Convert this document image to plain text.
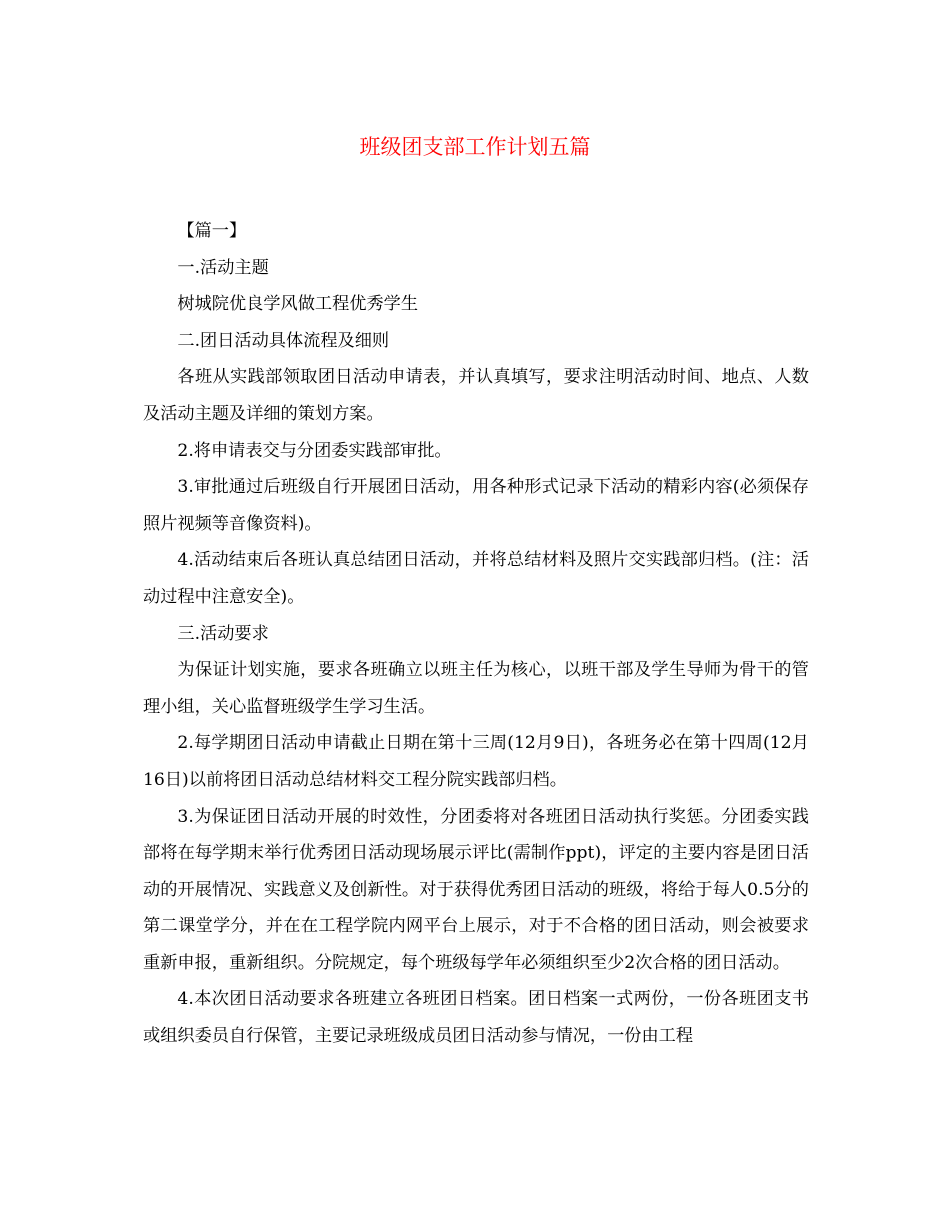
班级团支部工作计划五篇

【篇一】

一.活动主题

树城院优良学风做工程优秀学生

二.团日活动具体流程及细则

各班从实践部领取团日活动申请表，并认真填写，要求注明活动时间、地点、人数及活动主题及详细的策划方案。

2.将申请表交与分团委实践部审批。

3.审批通过后班级自行开展团日活动，用各种形式记录下活动的精彩内容(必须保存照片视频等音像资料)。

4.活动结束后各班认真总结团日活动，并将总结材料及照片交实践部归档。(注：活动过程中注意安全)。

三.活动要求

为保证计划实施，要求各班确立以班主任为核心，以班干部及学生导师为骨干的管理小组，关心监督班级学生学习生活。

2.每学期团日活动申请截止日期在第十三周(12月9日)，各班务必在第十四周(12月16日)以前将团日活动总结材料交工程分院实践部归档。

3.为保证团日活动开展的时效性，分团委将对各班团日活动执行奖惩。分团委实践部将在每学期末举行优秀团日活动现场展示评比(需制作ppt)，评定的主要内容是团日活动的开展情况、实践意义及创新性。对于获得优秀团日活动的班级，将给于每人0.5分的第二课堂学分，并在在工程学院内网平台上展示，对于不合格的团日活动，则会被要求重新申报，重新组织。分院规定，每个班级每学年必须组织至少2次合格的团日活动。

4.本次团日活动要求各班建立各班团日档案。团日档案一式两份，一份各班团支书或组织委员自行保管，主要记录班级成员团日活动参与情况，一份由工程
